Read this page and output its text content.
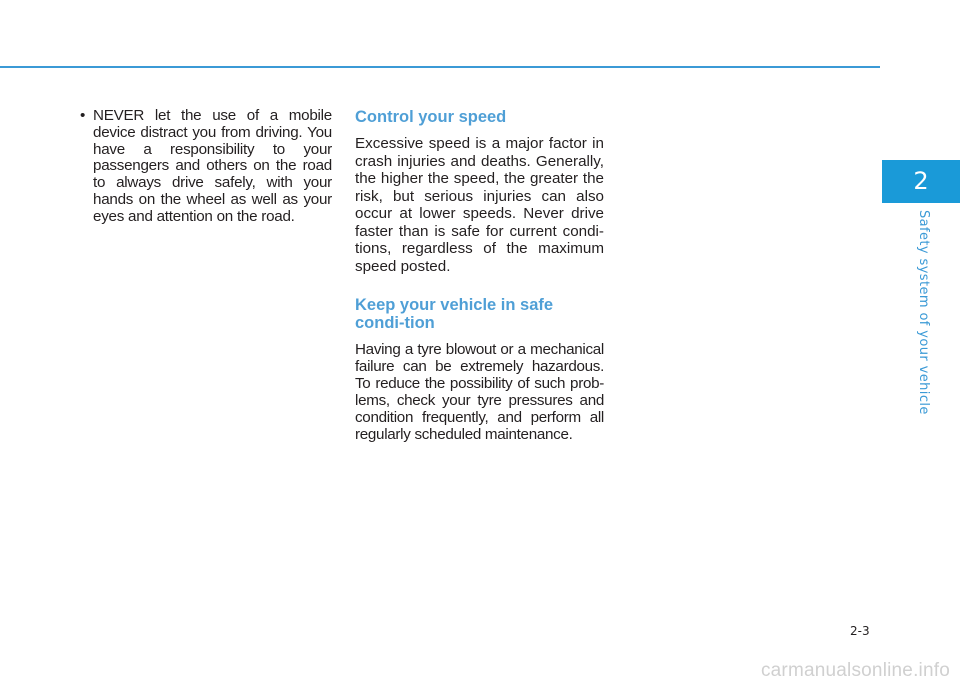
• NEVER let the use of a mobile device distract you from driving. You have a responsibility to your passengers and others on the road to always drive safely, with your hands on the wheel as well as your eyes and attention on the road.
Control your speed

Excessive speed is a major factor in crash injuries and deaths. Generally, the higher the speed, the greater the risk, but serious injuries can also occur at lower speeds. Never drive faster than is safe for current condi-tions, regardless of the maximum speed posted.

Keep your vehicle in safe condi-tion

Having a tyre blowout or a mechanical failure can be extremely hazardous. To reduce the possibility of such prob-lems, check your tyre pressures and condition frequently, and perform all regularly scheduled maintenance.

2
Safety system of your vehicle
2-3
carmanualsonline.info
